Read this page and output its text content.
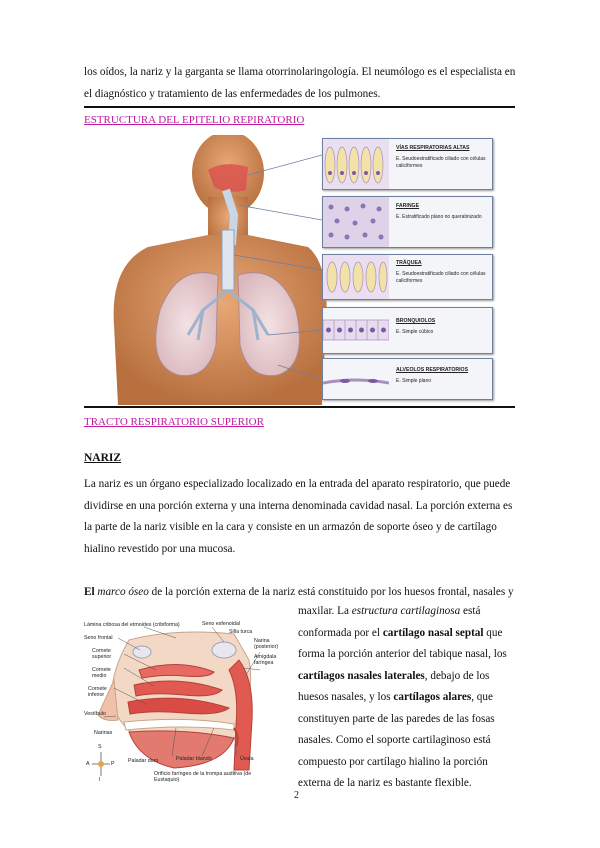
los oídos, la nariz y la garganta se llama otorrinolaringología. El neumólogo es el especialista en
el diagnóstico y tratamiento de las enfermedades de los pulmones.
ESTRUCTURA DEL EPITELIO REPIRATORIO
VÍAS RESPIRATORIAS ALTAS
E. Seudoestratificado ciliado con células caliciformes
FARINGE
E. Estratificado plano no queratinizado
TRÁQUEA
E. Seudoestratificado ciliado con células caliciformes
BRONQUIOLOS
E. Simple cúbico
ALVEOLOS RESPIRATORIOS
E. Simple plano
TRACTO RESPIRATORIO SUPERIOR
NARIZ
La nariz es un órgano especializado localizado en la entrada del aparato respiratorio, que puede
dividirse en una porción externa y una interna denominada cavidad nasal. La porción externa es
la parte de la nariz visible en la cara y consiste en un armazón de soporte óseo y de cartílago
hialino revestido por una mucosa.
El marco óseo de la porción externa de la nariz está constituido por los huesos frontal, nasales y
maxilar. La estructura cartilaginosa está
conformada por el cartílago nasal septal que
forma la porción anterior del tabique nasal, los
cartílagos nasales laterales, debajo de los
huesos nasales, y los cartílagos alares, que
constituyen parte de las paredes de las fosas
nasales. Como el soporte cartilaginoso está
compuesto por cartílago hialino la porción
externa de la nariz es bastante flexible.
Lámina cribosa del etmoides (cribiforma)	Seno esfenoidal
Silla turca
Seno frontal
Cornete superior
Cornete medio
Cornete inferior
Vestíbulo
Narinas
Narina (posterior)
Amígdala faríngea
Paladar duro	Paladar blando	Úvula
Orificio faríngeo de la trompa auditiva (de Eustaquio)
S
A	P
I
2
